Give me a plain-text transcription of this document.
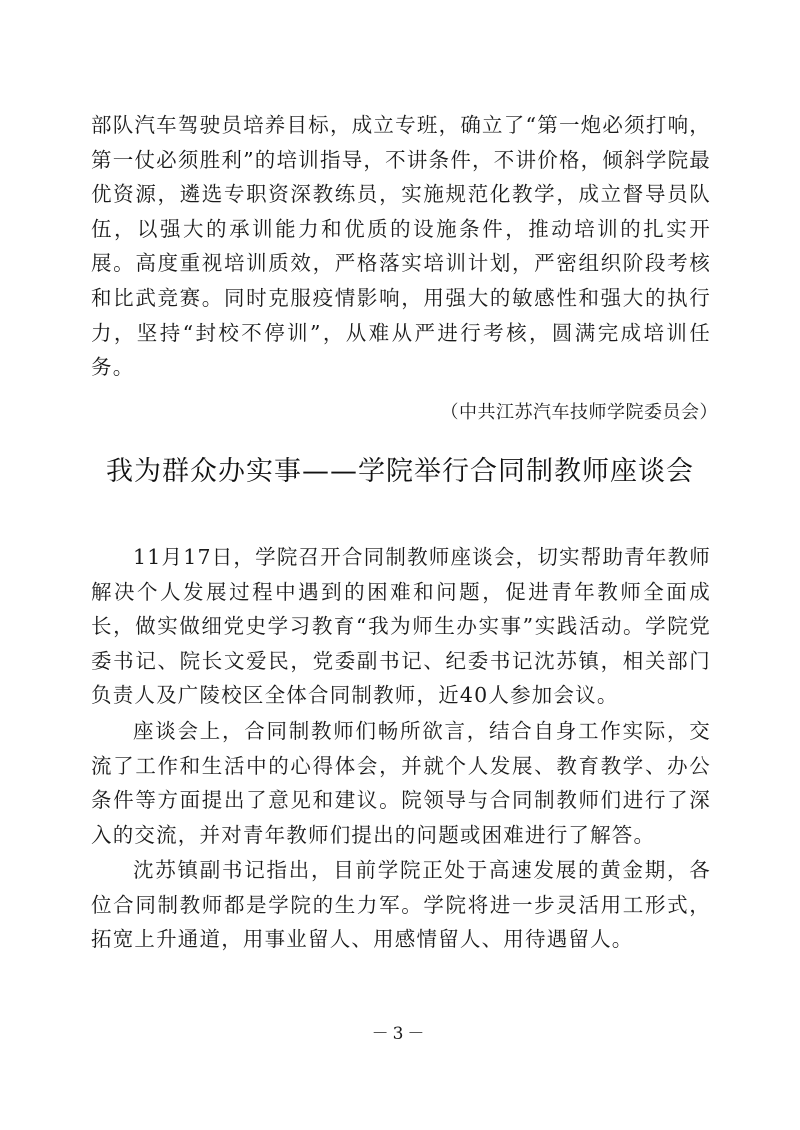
部队汽车驾驶员培养目标，成立专班，确立了“第一炮必须打响，第一仗必须胜利”的培训指导，不讲条件，不讲价格，倾斜学院最优资源，遴选专职资深教练员，实施规范化教学，成立督导员队伍，以强大的承训能力和优质的设施条件，推动培训的扎实开展。高度重视培训质效，严格落实培训计划，严密组织阶段考核和比武竞赛。同时克服疫情影响，用强大的敏感性和强大的执行力，坚持“封校不停训”，从难从严进行考核，圆满完成培训任务。

（中共江苏汽车技师学院委员会）
我为群众办实事——学院举行合同制教师座谈会

11月17日，学院召开合同制教师座谈会，切实帮助青年教师解决个人发展过程中遇到的困难和问题，促进青年教师全面成长，做实做细党史学习教育“我为师生办实事”实践活动。学院党委书记、院长文爱民，党委副书记、纪委书记沈苏镇，相关部门负责人及广陵校区全体合同制教师，近40人参加会议。

座谈会上，合同制教师们畅所欲言，结合自身工作实际，交流了工作和生活中的心得体会，并就个人发展、教育教学、办公条件等方面提出了意见和建议。院领导与合同制教师们进行了深入的交流，并对青年教师们提出的问题或困难进行了解答。

沈苏镇副书记指出，目前学院正处于高速发展的黄金期，各位合同制教师都是学院的生力军。学院将进一步灵活用工形式，拓宽上升通道，用事业留人、用感情留人、用待遇留人。

－3－
